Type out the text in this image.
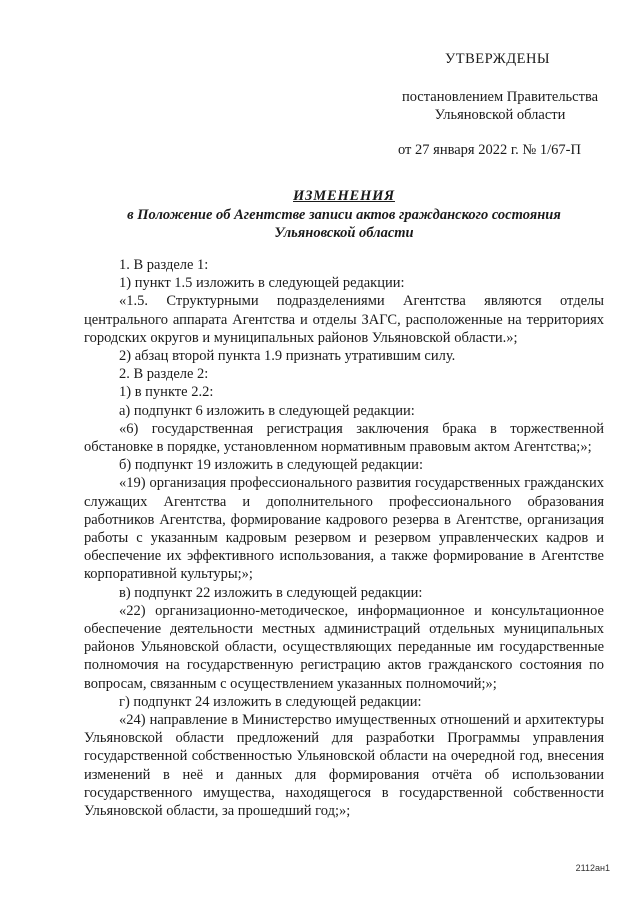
УТВЕРЖДЕНЫ
постановлением Правительства
Ульяновской области
от 27 января 2022 г. № 1/67-П
ИЗМЕНЕНИЯ
в Положение об Агентстве записи актов гражданского состояния
Ульяновской области

1. В разделе 1:

1) пункт 1.5 изложить в следующей редакции:

«1.5. Структурными подразделениями Агентства являются отделы центрального аппарата Агентства и отделы ЗАГС, расположенные на территориях городских округов и муниципальных районов Ульяновской области.»;

2) абзац второй пункта 1.9 признать утратившим силу.

2. В разделе 2:

1) в пункте 2.2:

а) подпункт 6 изложить в следующей редакции:

«6) государственная регистрация заключения брака в торжественной обстановке в порядке, установленном нормативным правовым актом Агентства;»;

б) подпункт 19 изложить в следующей редакции:

«19) организация профессионального развития государственных гражданских служащих Агентства и дополнительного профессионального образования работников Агентства, формирование кадрового резерва в Агентстве, организация работы с указанным кадровым резервом и резервом управленческих кадров и обеспечение их эффективного использования, а также формирование в Агентстве корпоративной культуры;»;

в) подпункт 22 изложить в следующей редакции:

«22) организационно-методическое, информационное и консультационное обеспечение деятельности местных администраций отдельных муниципальных районов Ульяновской области, осуществляющих переданные им государственные полномочия на государственную регистрацию актов гражданского состояния по вопросам, связанным с осуществлением указанных полномочий;»;

г) подпункт 24 изложить в следующей редакции:

«24) направление в Министерство имущественных отношений и архитектуры Ульяновской области предложений для разработки Программы управления государственной собственностью Ульяновской области на очередной год, внесения изменений в неё и данных для формирования отчёта об использовании государственного имущества, находящегося в государственной собственности Ульяновской области, за прошедший год;»;

2112ан1
